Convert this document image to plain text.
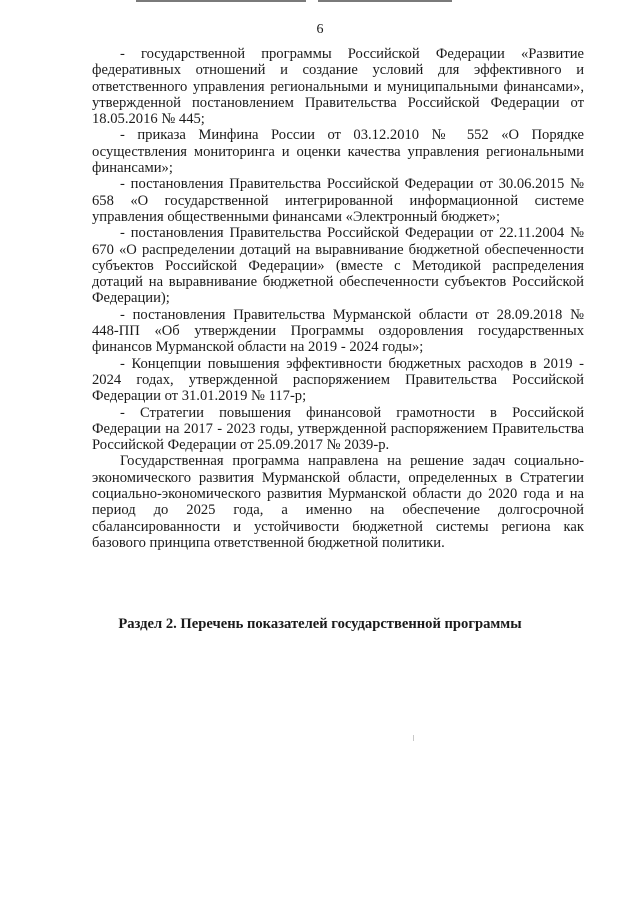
6

- государственной программы Российской Федерации «Развитие федеративных отношений и создание условий для эффективного и ответственного управления региональными и муниципальными финансами», утвержденной постановлением Правительства Российской Федерации от 18.05.2016 № 445;

- приказа Минфина России от 03.12.2010 № 552 «О Порядке осуществления мониторинга и оценки качества управления региональными финансами»;

- постановления Правительства Российской Федерации от 30.06.2015 № 658 «О государственной интегрированной информационной системе управления общественными финансами «Электронный бюджет»;

- постановления Правительства Российской Федерации от 22.11.2004 № 670 «О распределении дотаций на выравнивание бюджетной обеспеченности субъектов Российской Федерации» (вместе с Методикой распределения дотаций на выравнивание бюджетной обеспеченности субъектов Российской Федерации);

- постановления Правительства Мурманской области от 28.09.2018 № 448-ПП «Об утверждении Программы оздоровления государственных финансов Мурманской области на 2019 - 2024 годы»;

- Концепции повышения эффективности бюджетных расходов в 2019 - 2024 годах, утвержденной распоряжением Правительства Российской Федерации от 31.01.2019 № 117-р;

- Стратегии повышения финансовой грамотности в Российской Федерации на 2017 - 2023 годы, утвержденной распоряжением Правительства Российской Федерации от 25.09.2017 № 2039-р.

Государственная программа направлена на решение задач социально-экономического развития Мурманской области, определенных в Стратегии социально-экономического развития Мурманской области до 2020 года и на период до 2025 года, а именно на обеспечение долгосрочной сбалансированности и устойчивости бюджетной системы региона как базового принципа ответственной бюджетной политики.

Раздел 2. Перечень показателей государственной программы
